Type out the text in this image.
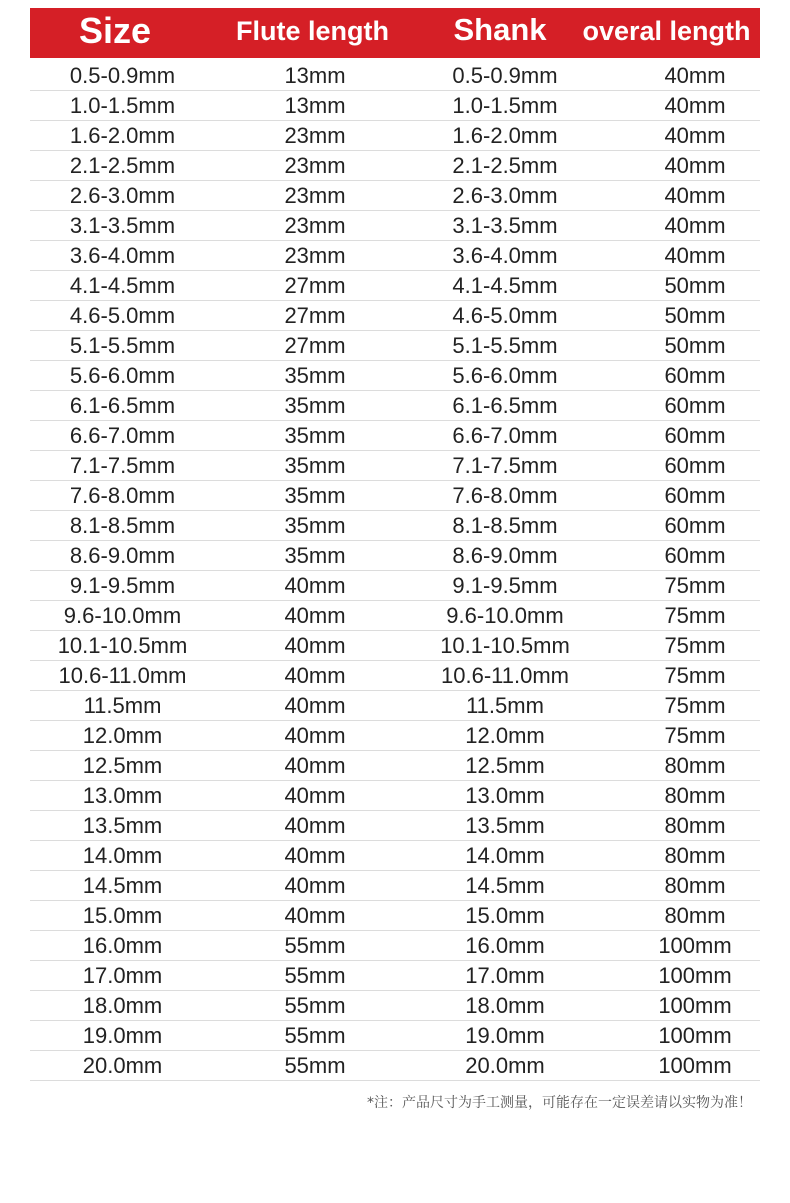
Size	Flute length	Shank	overal length
0.5-0.9mm	13mm	0.5-0.9mm	40mm
1.0-1.5mm	13mm	1.0-1.5mm	40mm
1.6-2.0mm	23mm	1.6-2.0mm	40mm
2.1-2.5mm	23mm	2.1-2.5mm	40mm
2.6-3.0mm	23mm	2.6-3.0mm	40mm
3.1-3.5mm	23mm	3.1-3.5mm	40mm
3.6-4.0mm	23mm	3.6-4.0mm	40mm
4.1-4.5mm	27mm	4.1-4.5mm	50mm
4.6-5.0mm	27mm	4.6-5.0mm	50mm
5.1-5.5mm	27mm	5.1-5.5mm	50mm
5.6-6.0mm	35mm	5.6-6.0mm	60mm
6.1-6.5mm	35mm	6.1-6.5mm	60mm
6.6-7.0mm	35mm	6.6-7.0mm	60mm
7.1-7.5mm	35mm	7.1-7.5mm	60mm
7.6-8.0mm	35mm	7.6-8.0mm	60mm
8.1-8.5mm	35mm	8.1-8.5mm	60mm
8.6-9.0mm	35mm	8.6-9.0mm	60mm
9.1-9.5mm	40mm	9.1-9.5mm	75mm
9.6-10.0mm	40mm	9.6-10.0mm	75mm
10.1-10.5mm	40mm	10.1-10.5mm	75mm
10.6-11.0mm	40mm	10.6-11.0mm	75mm
11.5mm	40mm	11.5mm	75mm
12.0mm	40mm	12.0mm	75mm
12.5mm	40mm	12.5mm	80mm
13.0mm	40mm	13.0mm	80mm
13.5mm	40mm	13.5mm	80mm
14.0mm	40mm	14.0mm	80mm
14.5mm	40mm	14.5mm	80mm
15.0mm	40mm	15.0mm	80mm
16.0mm	55mm	16.0mm	100mm
17.0mm	55mm	17.0mm	100mm
18.0mm	55mm	18.0mm	100mm
19.0mm	55mm	19.0mm	100mm
20.0mm	55mm	20.0mm	100mm
*注：产品尺寸为手工测量，可能存在一定误差请以实物为准！
